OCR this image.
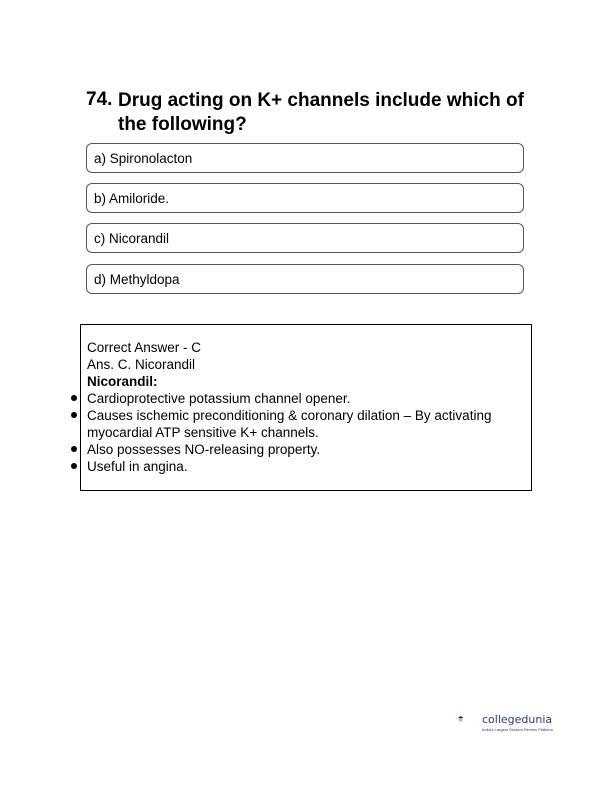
74. Drug acting on K+ channels include which of the following?
a) Spironolacton
b) Amiloride.
c) Nicorandil
d) Methyldopa
Correct Answer - C
Ans. C. Nicorandil
Nicorandil:
Cardioprotective potassium channel opener.
Causes ischemic preconditioning & coronary dilation – By activating myocardial ATP sensitive K+ channels.
Also possesses NO-releasing property.
Useful in angina.
collegedunia
India's Largest Student Review Platform
